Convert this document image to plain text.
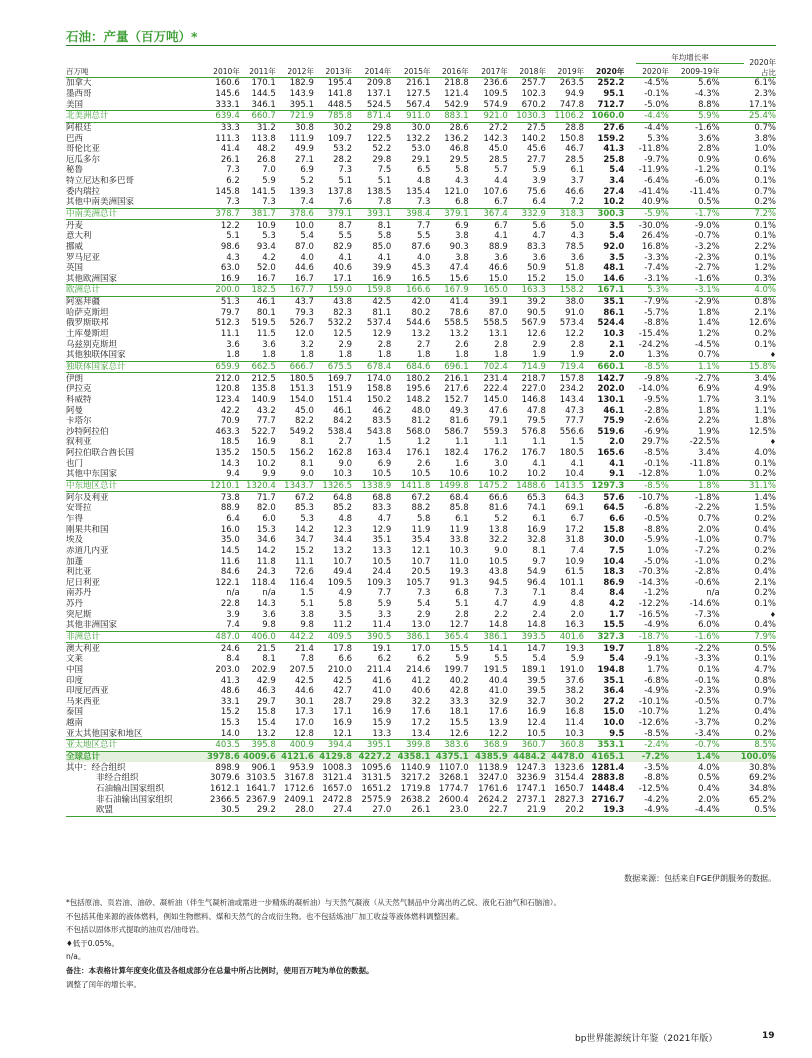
石油：产量（百万吨）*
年均增长率
2020年
占比
百万吨	2010年	2011年	2012年	2013年	2014年	2015年	2016年	2017年	2018年	2019年	2020年	2020年	2009-19年	
加拿大	160.6	170.1	182.9	195.4	209.8	216.1	218.8	236.6	257.7	263.5	252.2	-4.5%	5.6%	6.1%
墨西哥	145.6	144.5	143.9	141.8	137.1	127.5	121.4	109.5	102.3	94.9	95.1	-0.1%	-4.3%	2.3%
美国	333.1	346.1	395.1	448.5	524.5	567.4	542.9	574.9	670.2	747.8	712.7	-5.0%	8.8%	17.1%
北美洲总计	639.4	660.7	721.9	785.8	871.4	911.0	883.1	921.0	1030.3	1106.2	1060.0	-4.4%	5.9%	25.4%
阿根廷	33.3	31.2	30.8	30.2	29.8	30.0	28.6	27.2	27.5	28.8	27.6	-4.4%	-1.6%	0.7%
巴西	111.3	113.8	111.9	109.7	122.5	132.2	136.2	142.3	140.2	150.8	159.2	5.3%	3.6%	3.8%
哥伦比亚	41.4	48.2	49.9	53.2	52.2	53.0	46.8	45.0	45.6	46.7	41.3	-11.8%	2.8%	1.0%
厄瓜多尔	26.1	26.8	27.1	28.2	29.8	29.1	29.5	28.5	27.7	28.5	25.8	-9.7%	0.9%	0.6%
秘鲁	7.3	7.0	6.9	7.3	7.5	6.5	5.8	5.7	5.9	6.1	5.4	-11.9%	-1.2%	0.1%
特立尼达和多巴哥	6.2	5.9	5.2	5.1	5.1	4.8	4.3	4.4	3.9	3.7	3.4	-6.4%	-6.0%	0.1%
委内瑞拉	145.8	141.5	139.3	137.8	138.5	135.4	121.0	107.6	75.6	46.6	27.4	-41.4%	-11.4%	0.7%
其他中南美洲国家	7.3	7.3	7.4	7.6	7.8	7.3	6.8	6.7	6.4	7.2	10.2	40.9%	0.5%	0.2%
中南美洲总计	378.7	381.7	378.6	379.1	393.1	398.4	379.1	367.4	332.9	318.3	300.3	-5.9%	-1.7%	7.2%
丹麦	12.2	10.9	10.0	8.7	8.1	7.7	6.9	6.7	5.6	5.0	3.5	-30.0%	-9.0%	0.1%
意大利	5.1	5.3	5.4	5.5	5.8	5.5	3.8	4.1	4.7	4.3	5.4	26.4%	-0.7%	0.1%
挪威	98.6	93.4	87.0	82.9	85.0	87.6	90.3	88.9	83.3	78.5	92.0	16.8%	-3.2%	2.2%
罗马尼亚	4.3	4.2	4.0	4.1	4.1	4.0	3.8	3.6	3.6	3.6	3.5	-3.3%	-2.3%	0.1%
英国	63.0	52.0	44.6	40.6	39.9	45.3	47.4	46.6	50.9	51.8	48.1	-7.4%	-2.7%	1.2%
其他欧洲国家	16.9	16.7	16.7	17.1	16.9	16.5	15.6	15.0	15.2	15.0	14.6	-3.1%	-1.6%	0.3%
欧洲总计	200.0	182.5	167.7	159.0	159.8	166.6	167.9	165.0	163.3	158.2	167.1	5.3%	-3.1%	4.0%
阿塞拜疆	51.3	46.1	43.7	43.8	42.5	42.0	41.4	39.1	39.2	38.0	35.1	-7.9%	-2.9%	0.8%
哈萨克斯坦	79.7	80.1	79.3	82.3	81.1	80.2	78.6	87.0	90.5	91.0	86.1	-5.7%	1.8%	2.1%
俄罗斯联邦	512.3	519.5	526.7	532.2	537.4	544.6	558.5	558.5	567.9	573.4	524.4	-8.8%	1.4%	12.6%
土库曼斯坦	11.1	11.5	12.0	12.5	12.9	13.2	13.2	13.1	12.6	12.2	10.3	-15.4%	1.2%	0.2%
乌兹别克斯坦	3.6	3.6	3.2	2.9	2.8	2.7	2.6	2.8	2.9	2.8	2.1	-24.2%	-4.5%	0.1%
其他独联体国家	1.8	1.8	1.8	1.8	1.8	1.8	1.8	1.8	1.9	1.9	2.0	1.3%	0.7%	♦
独联体国家总计	659.9	662.5	666.7	675.5	678.4	684.6	696.1	702.4	714.9	719.4	660.1	-8.5%	1.1%	15.8%
伊朗	212.0	212.5	180.5	169.7	174.0	180.2	216.1	231.4	218.7	157.8	142.7	-9.8%	-2.7%	3.4%
伊拉克	120.8	135.8	151.3	151.9	158.8	195.6	217.6	222.4	227.0	234.2	202.0	-14.0%	6.9%	4.9%
科威特	123.4	140.9	154.0	151.4	150.2	148.2	152.7	145.0	146.8	143.4	130.1	-9.5%	1.7%	3.1%
阿曼	42.2	43.2	45.0	46.1	46.2	48.0	49.3	47.6	47.8	47.3	46.1	-2.8%	1.8%	1.1%
卡塔尔	70.9	77.7	82.2	84.2	83.5	81.2	81.6	79.1	79.5	77.7	75.9	-2.6%	2.2%	1.8%
沙特阿拉伯	463.3	522.7	549.2	538.4	543.8	568.0	586.7	559.3	576.8	556.6	519.6	-6.9%	1.9%	12.5%
叙利亚	18.5	16.9	8.1	2.7	1.5	1.2	1.1	1.1	1.1	1.5	2.0	29.7%	-22.5%	♦
阿拉伯联合酋长国	135.2	150.5	156.2	162.8	163.4	176.1	182.4	176.2	176.7	180.5	165.6	-8.5%	3.4%	4.0%
也门	14.3	10.2	8.1	9.0	6.9	2.6	1.6	3.0	4.1	4.1	4.1	-0.1%	-11.8%	0.1%
其他中东国家	9.4	9.9	9.0	10.3	10.5	10.5	10.6	10.2	10.2	10.4	9.1	-12.8%	1.0%	0.2%
中东地区总计	1210.1	1320.4	1343.7	1326.5	1338.9	1411.8	1499.8	1475.2	1488.6	1413.5	1297.3	-8.5%	1.8%	31.1%
阿尔及利亚	73.8	71.7	67.2	64.8	68.8	67.2	68.4	66.6	65.3	64.3	57.6	-10.7%	-1.8%	1.4%
安哥拉	88.9	82.0	85.3	85.2	83.3	88.2	85.8	81.6	74.1	69.1	64.5	-6.8%	-2.2%	1.5%
乍得	6.4	6.0	5.3	4.8	4.7	5.8	6.1	5.2	6.1	6.7	6.6	-0.5%	0.7%	0.2%
刚果共和国	16.0	15.3	14.2	12.3	12.9	11.9	11.9	13.8	16.9	17.2	15.8	-8.8%	2.0%	0.4%
埃及	35.0	34.6	34.7	34.4	35.1	35.4	33.8	32.2	32.8	31.8	30.0	-5.9%	-1.0%	0.7%
赤道几内亚	14.5	14.2	15.2	13.2	13.3	12.1	10.3	9.0	8.1	7.4	7.5	1.0%	-7.2%	0.2%
加蓬	11.6	11.8	11.1	10.7	10.5	10.7	11.0	10.5	9.7	10.9	10.4	-5.0%	-1.0%	0.2%
利比亚	84.6	24.3	72.6	49.4	24.4	20.5	19.3	43.8	54.9	61.5	18.3	-70.3%	-2.8%	0.4%
尼日利亚	122.1	118.4	116.4	109.5	109.3	105.7	91.3	94.5	96.4	101.1	86.9	-14.3%	-0.6%	2.1%
南苏丹	n/a	n/a	1.5	4.9	7.7	7.3	6.8	7.3	7.1	8.4	8.4	-1.2%	n/a	0.2%
苏丹	22.8	14.3	5.1	5.8	5.9	5.4	5.1	4.7	4.9	4.8	4.2	-12.2%	-14.6%	0.1%
突尼斯	3.9	3.6	3.8	3.5	3.3	2.9	2.8	2.2	2.4	2.0	1.7	-16.5%	-7.3%	♦
其他非洲国家	7.4	9.8	9.8	11.2	11.4	13.0	12.7	14.8	14.8	16.3	15.5	-4.9%	6.0%	0.4%
非洲总计	487.0	406.0	442.2	409.5	390.5	386.1	365.4	386.1	393.5	401.6	327.3	-18.7%	-1.6%	7.9%
澳大利亚	24.6	21.5	21.4	17.8	19.1	17.0	15.5	14.1	14.7	19.3	19.7	1.8%	-2.2%	0.5%
文莱	8.4	8.1	7.8	6.6	6.2	6.2	5.9	5.5	5.4	5.9	5.4	-9.1%	-3.3%	0.1%
中国	203.0	202.9	207.5	210.0	211.4	214.6	199.7	191.5	189.1	191.0	194.8	1.7%	0.1%	4.7%
印度	41.3	42.9	42.5	42.5	41.6	41.2	40.2	40.4	39.5	37.6	35.1	-6.8%	-0.1%	0.8%
印度尼西亚	48.6	46.3	44.6	42.7	41.0	40.6	42.8	41.0	39.5	38.2	36.4	-4.9%	-2.3%	0.9%
马来西亚	33.1	29.7	30.1	28.7	29.8	32.2	33.3	32.9	32.7	30.2	27.2	-10.1%	-0.5%	0.7%
泰国	15.2	15.8	17.3	17.1	16.9	17.6	18.1	17.6	16.9	16.8	15.0	-10.7%	1.2%	0.4%
越南	15.3	15.4	17.0	16.9	15.9	17.2	15.5	13.9	12.4	11.4	10.0	-12.6%	-3.7%	0.2%
亚太其他国家和地区	14.0	13.2	12.8	12.1	13.3	13.4	12.6	12.2	10.5	10.3	9.5	-8.5%	-3.4%	0.2%
亚太地区总计	403.5	395.8	400.9	394.4	395.1	399.8	383.6	368.9	360.7	360.8	353.1	-2.4%	-0.7%	8.5%
全球总计	3978.6	4009.6	4121.6	4129.8	4227.2	4358.1	4375.1	4385.9	4484.2	4478.0	4165.1	-7.2%	1.4%	100.0%
其中：经合组织	898.9	906.1	953.9	1008.3	1095.6	1140.9	1107.0	1138.9	1247.3	1323.6	1281.4	-3.5%	4.0%	30.8%
非经合组织	3079.6	3103.5	3167.8	3121.4	3131.5	3217.2	3268.1	3247.0	3236.9	3154.4	2883.8	-8.8%	0.5%	69.2%
石油输出国家组织	1612.1	1641.7	1712.6	1657.0	1651.2	1719.8	1774.7	1761.6	1747.1	1650.7	1448.4	-12.5%	0.4%	34.8%
非石油输出国家组织	2366.5	2367.9	2409.1	2472.8	2575.9	2638.2	2600.4	2624.2	2737.1	2827.3	2716.7	-4.2%	2.0%	65.2%
欧盟	30.5	29.2	28.0	27.4	27.0	26.1	23.0	22.7	21.9	20.2	19.3	-4.9%	-4.4%	0.5%
数据来源：包括来自FGE伊朗服务的数据。
*包括原油、页岩油、油砂、凝析油（伴生气凝析油或需进一步精炼的凝析油）与天然气凝液（从天然气制品中分离出的乙烷、液化石油气和石脑油）。
不包括其他来源的液体燃料，例如生物燃料、煤和天然气的合成衍生物。也不包括炼油厂加工收益等液体燃料调整因素。
不包括以固体形式提取的油页岩/油母岩。
♦低于0.05%。
n/a。
备注：本表格计算年度变化值及各组成部分在总量中所占比例时，使用百万吨为单位的数据。
调整了闰年的增长率。
bp世界能源统计年鉴（2021年版）	19
